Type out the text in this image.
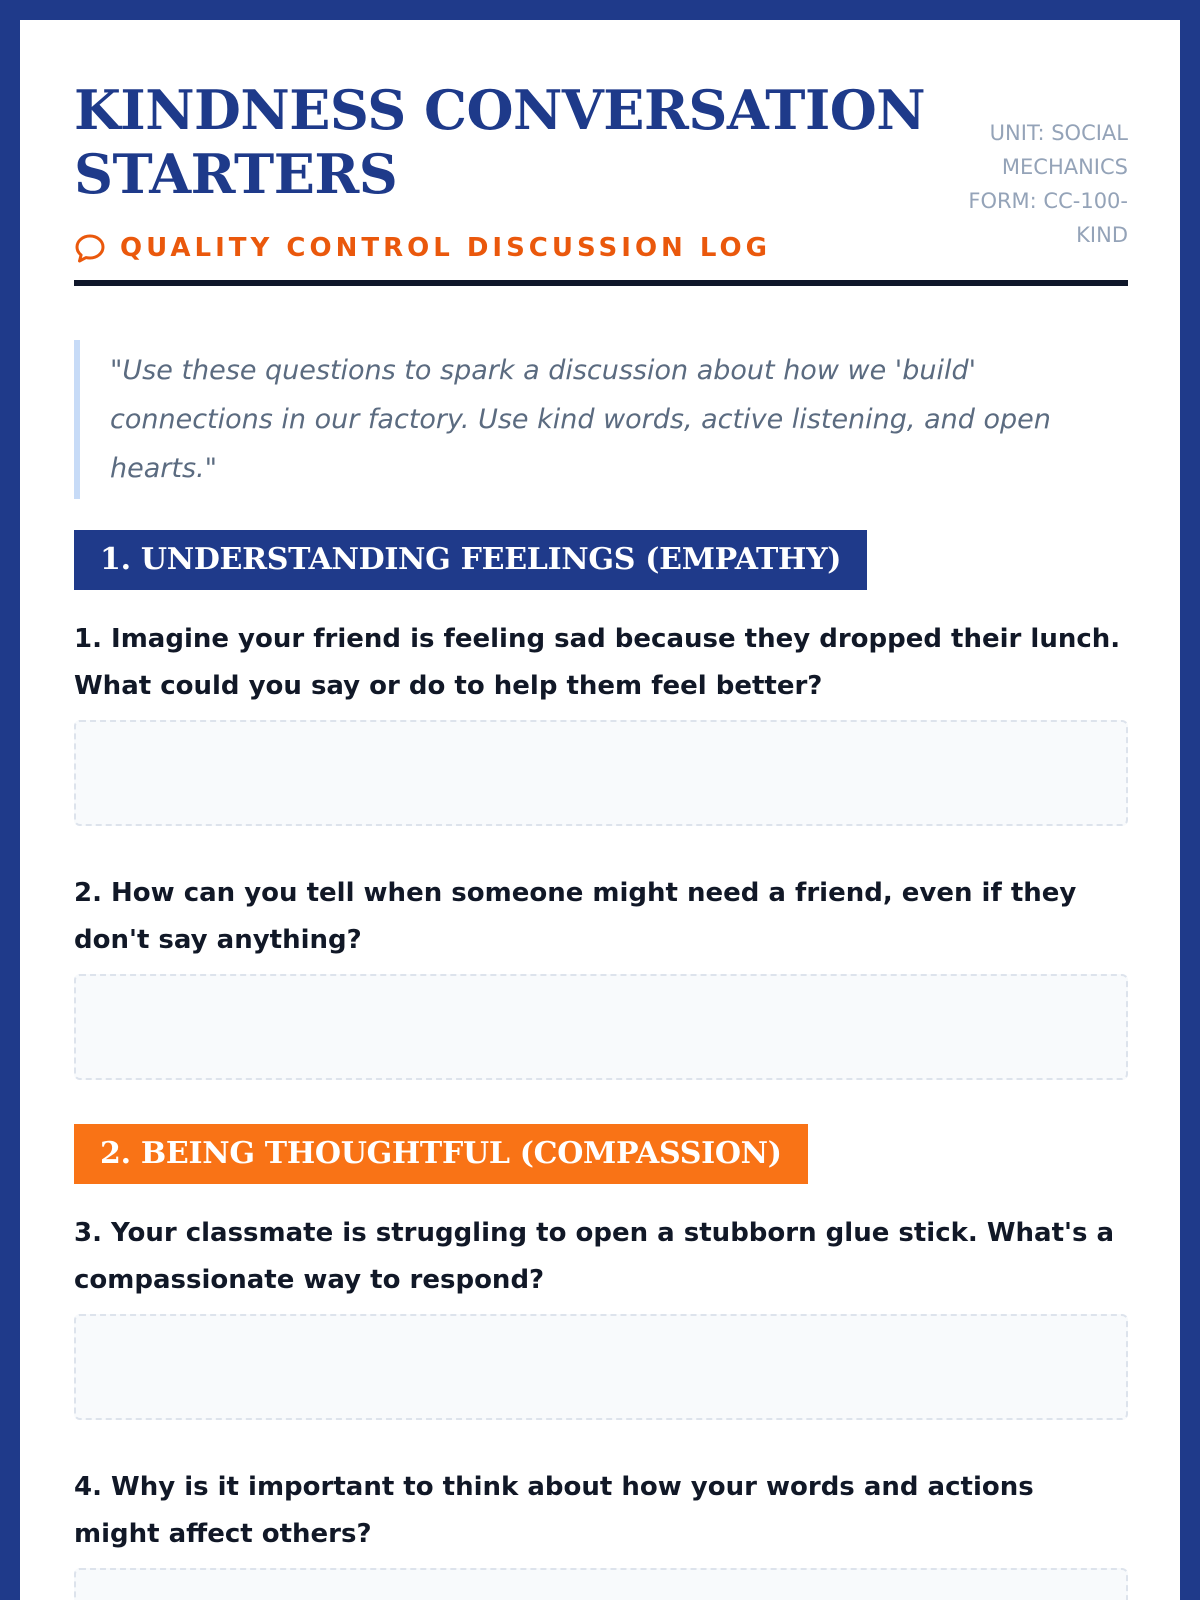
KINDNESS CONVERSATION STARTERS
QUALITY CONTROL DISCUSSION LOG
UNIT: SOCIAL MECHANICS
FORM: CC-100-KIND
"Use these questions to spark a discussion about how we 'build' connections in our factory. Use kind words, active listening, and open hearts."
1. UNDERSTANDING FEELINGS (EMPATHY)
1. Imagine your friend is feeling sad because they dropped their lunch. What could you say or do to help them feel better?
2. How can you tell when someone might need a friend, even if they don't say anything?
2. BEING THOUGHTFUL (COMPASSION)
3. Your classmate is struggling to open a stubborn glue stick. What's a compassionate way to respond?
4. Why is it important to think about how your words and actions might affect others?
